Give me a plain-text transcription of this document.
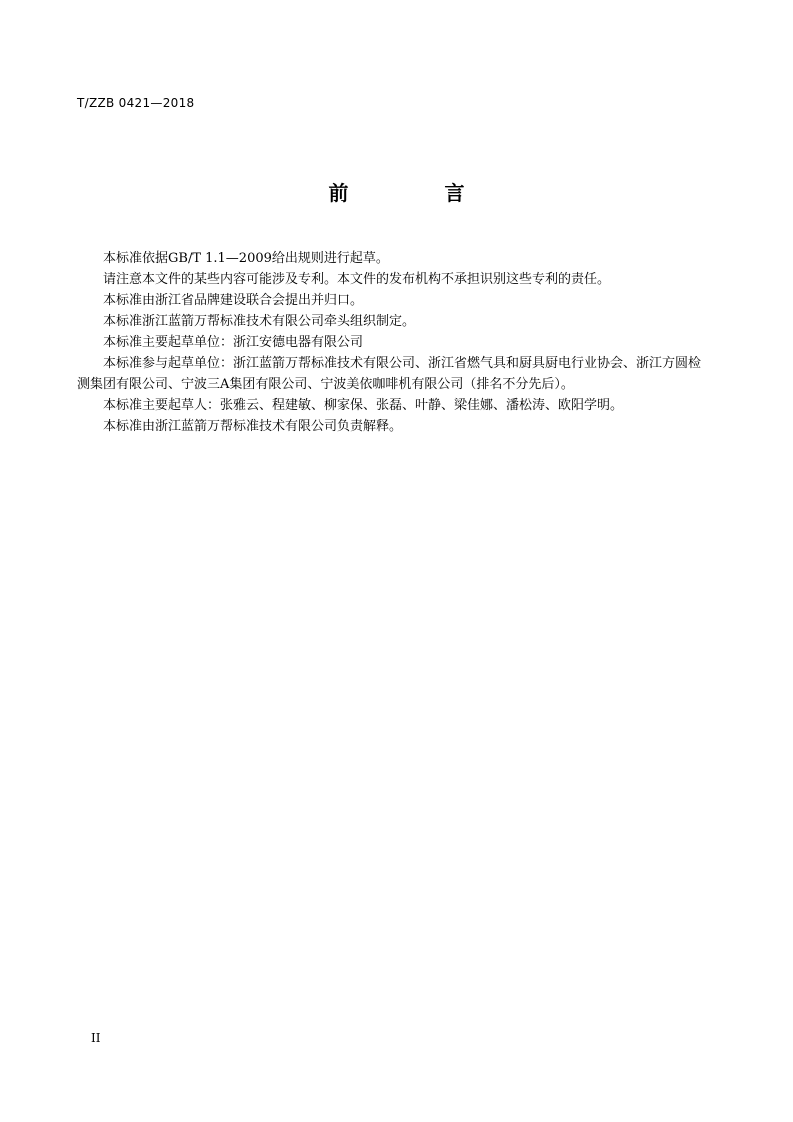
T/ZZB 0421—2018
前　言

本标准依据GB/T 1.1—2009给出规则进行起草。

请注意本文件的某些内容可能涉及专利。本文件的发布机构不承担识别这些专利的责任。

本标准由浙江省品牌建设联合会提出并归口。

本标准浙江蓝箭万帮标准技术有限公司牵头组织制定。

本标准主要起草单位：浙江安德电器有限公司

本标准参与起草单位：浙江蓝箭万帮标准技术有限公司、浙江省燃气具和厨具厨电行业协会、浙江方圆检测集团有限公司、宁波三A集团有限公司、宁波美依咖啡机有限公司（排名不分先后）。

本标准主要起草人：张雅云、程建敏、柳家保、张磊、叶静、梁佳娜、潘松涛、欧阳学明。

本标准由浙江蓝箭万帮标准技术有限公司负责解释。

II
